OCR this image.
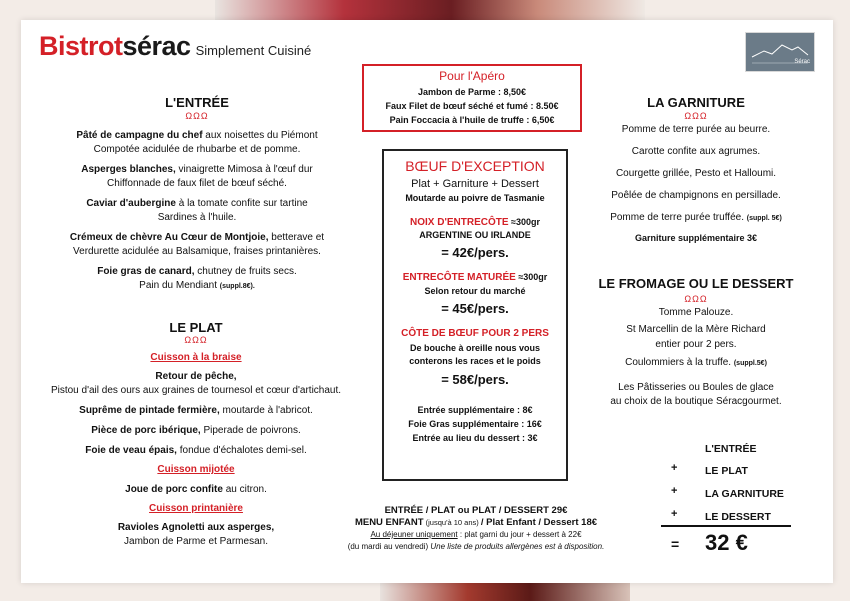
Bistrotsérac Simplement Cuisiné
Sérac
L'ENTRÉE
ΩΩΩ
Pâté de campagne du chef aux noisettes du Piémont
Compotée acidulée de rhubarbe et de pomme.
Asperges blanches, vinaigrette Mimosa à l'œuf dur
Chiffonnade de faux filet de bœuf séché.
Caviar d'aubergine à la tomate confite sur tartine
Sardines à l'huile.
Crémeux de chèvre Au Cœur de Montjoie, betterave et
Verdurette acidulée au Balsamique, fraises printanières.
Foie gras de canard, chutney de fruits secs.
Pain du Mendiant (suppl.8€).
LE PLAT
ΩΩΩ
Cuisson à la braise
Retour de pêche,
Pistou d'ail des ours aux graines de tournesol et cœur d'artichaut.
Suprême de pintade fermière, moutarde à l'abricot.
Pièce de porc ibérique, Piperade de poivrons.
Foie de veau épais, fondue d'échalotes demi-sel.
Cuisson mijotée
Joue de porc confite au citron.
Cuisson printanière
Ravioles Agnoletti aux asperges,
Jambon de Parme et Parmesan.
Pour l'Apéro
Jambon de Parme : 8,50€
Faux Filet de bœuf séché et fumé : 8.50€
Pain Foccacia à l'huile de truffe : 6,50€
BŒUF D'EXCEPTION
Plat + Garniture + Dessert
Moutarde au poivre de Tasmanie
NOIX D'ENTRECÔTE ≈300gr
ARGENTINE OU IRLANDE
= 42€/pers.
ENTRECÔTE MATURÉE ≈300gr
Selon retour du marché
= 45€/pers.
CÔTE DE BŒUF POUR 2 PERS
De bouche à oreille nous vous
conterons les races et le poids
= 58€/pers.
Entrée supplémentaire : 8€
Foie Gras supplémentaire : 16€
Entrée au lieu du dessert : 3€
ENTRÉE / PLAT ou PLAT / DESSERT 29€
MENU ENFANT (jusqu'à 10 ans) / Plat Enfant / Dessert 18€
Au déjeuner uniquement : plat garni du jour + dessert à 22€
(du mardi au vendredi) Une liste de produits allergènes est à disposition.
LA GARNITURE
ΩΩΩ
Pomme de terre purée au beurre.
Carotte confite aux agrumes.
Courgette grillée, Pesto et Halloumi.
Poêlée de champignons en persillade.
Pomme de terre purée truffée. (suppl. 5€)
Garniture supplémentaire 3€
LE FROMAGE OU LE DESSERT
ΩΩΩ
Tomme Palouze.
St Marcellin de la Mère Richard
entier pour 2 pers.
Coulommiers à la truffe. (suppl.5€)
Les Pâtisseries ou Boules de glace
au choix de la boutique Séracgourmet.
L'ENTRÉE
+	LE PLAT
+	LA GARNITURE
+	LE DESSERT
= 32 €
